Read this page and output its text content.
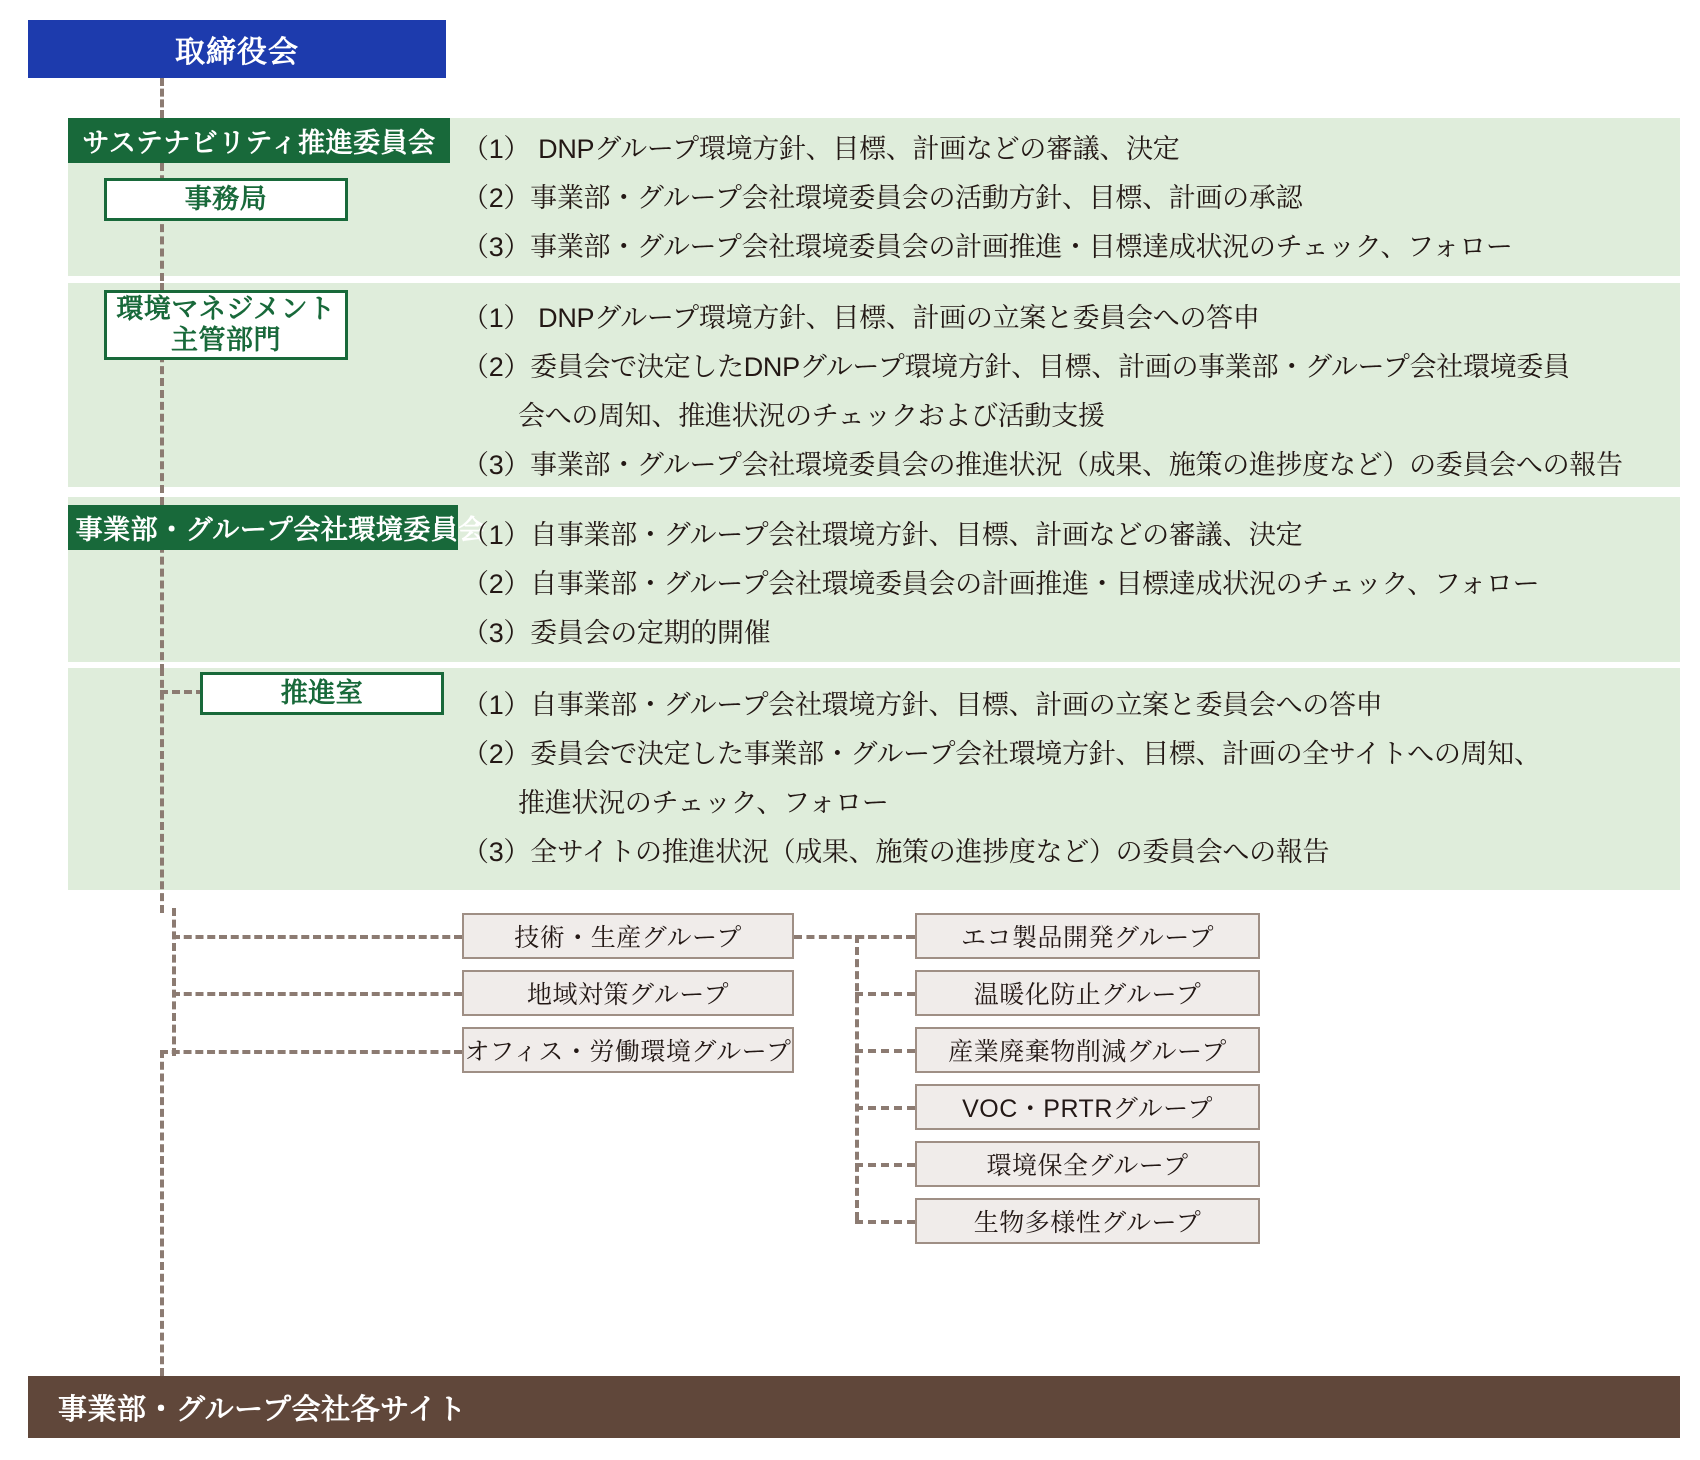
取締役会
サステナビリティ推進委員会
事務局
（1） DNPグループ環境方針、目標、計画などの審議、決定
（2）事業部・グループ会社環境委員会の活動方針、目標、計画の承認
（3）事業部・グループ会社環境委員会の計画推進・目標達成状況のチェック、フォロー
環境マネジメント
主管部門
（1） DNPグループ環境方針、目標、計画の立案と委員会への答申
（2）委員会で決定したDNPグループ環境方針、目標、計画の事業部・グループ会社環境委員
会への周知、推進状況のチェックおよび活動支援
（3）事業部・グループ会社環境委員会の推進状況（成果、施策の進捗度など）の委員会への報告
各 事業部・グループ会社環境委員会
（1）自事業部・グループ会社環境方針、目標、計画などの審議、決定
（2）自事業部・グループ会社環境委員会の計画推進・目標達成状況のチェック、フォロー
（3）委員会の定期的開催
推進室	（1）自事業部・グループ会社環境方針、目標、計画の立案と委員会への答申
（2）委員会で決定した事業部・グループ会社環境方針、目標、計画の全サイトへの周知、
推進状況のチェック、フォロー
（3）全サイトの推進状況（成果、施策の進捗度など）の委員会への報告
技術・生産グループ
地域対策グループ
オフィス・労働環境グループ
エコ製品開発グループ
温暖化防止グループ
産業廃棄物削減グループ
VOC・PRTRグループ
環境保全グループ
生物多様性グループ
事業部・グループ会社各サイト
